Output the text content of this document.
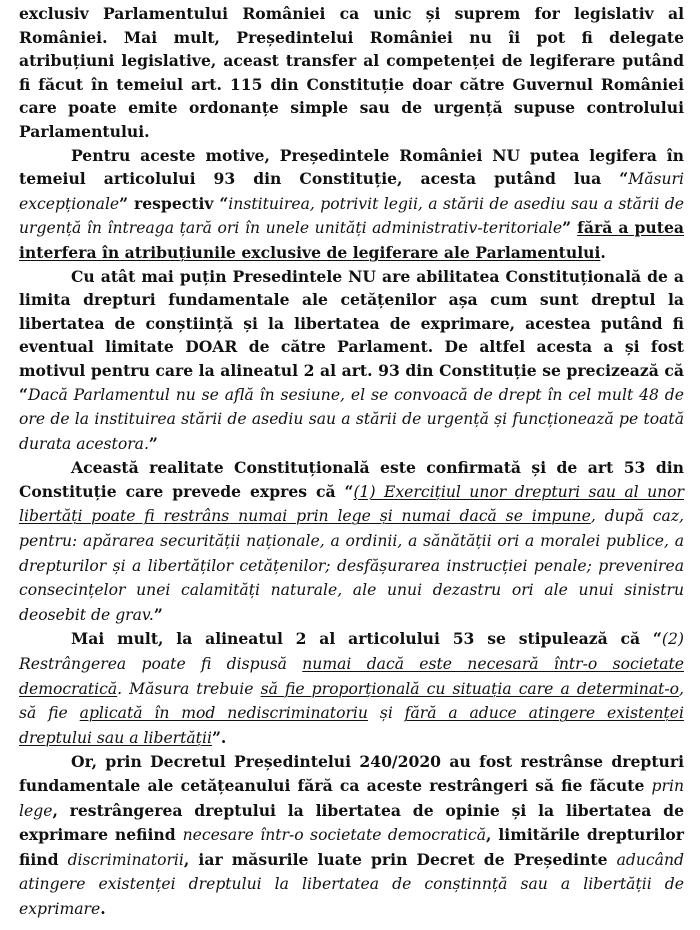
exclusiv Parlamentului României ca unic și suprem for legislativ al României. Mai mult, Președintelui României nu îi pot fi delegate atribuțiuni legislative, aceast transfer al competenței de legiferare putând fi făcut în temeiul art. 115 din Constituție doar către Guvernul României care poate emite ordonanțe simple sau de urgență supuse controlului Parlamentului.

Pentru aceste motive, Președintele României NU putea legifera în temeiul articolului 93 din Constituție, acesta putând lua “Măsuri excepționale” respectiv “instituirea, potrivit legii, a stării de asediu sau a stării de urgență în întreaga țară ori în unele unități administrativ-teritoriale” fără a putea interfera în atribuțiunile exclusive de legiferare ale Parlamentului.

Cu atât mai puțin Presedintele NU are abilitatea Constituțională de a limita drepturi fundamentale ale cetățenilor așa cum sunt dreptul la libertatea de conștiință și la libertatea de exprimare, acestea putând fi eventual limitate DOAR de către Parlament. De altfel acesta a și fost motivul pentru care la alineatul 2 al art. 93 din Constituție se precizează că “Dacă Parlamentul nu se află în sesiune, el se convoacă de drept în cel mult 48 de ore de la instituirea stării de asediu sau a stării de urgență și funcționează pe toată durata acestora.”

Această realitate Constituțională este confirmată și de art 53 din Constituție care prevede expres că “(1) Exercițiul unor drepturi sau al unor libertăți poate fi restrâns numai prin lege și numai dacă se impune, după caz, pentru: apărarea securității naționale, a ordinii, a sănătății ori a moralei publice, a drepturilor și a libertăților cetățenilor; desfășurarea instrucției penale; prevenirea consecințelor unei calamități naturale, ale unui dezastru ori ale unui sinistru deosebit de grav.”

Mai mult, la alineatul 2 al articolului 53 se stipulează că “(2) Restrângerea poate fi dispusă numai dacă este necesară într-o societate democratică. Măsura trebuie să fie proporțională cu situația care a determinat-o, să fie aplicată în mod nediscriminatoriu și fără a aduce atingere existenței dreptului sau a libertății”.

Or, prin Decretul Președintelui 240/2020 au fost restrânse drepturi fundamentale ale cetățeanului fără ca aceste restrângeri să fie făcute prin lege, restrângerea dreptului la libertatea de opinie și la libertatea de exprimare nefiind necesare într-o societate democratică, limitările drepturilor fiind discriminatorii, iar măsurile luate prin Decret de Președinte aducând atingere existenței dreptului la libertatea de conștinnță sau a libertății de exprimare.
